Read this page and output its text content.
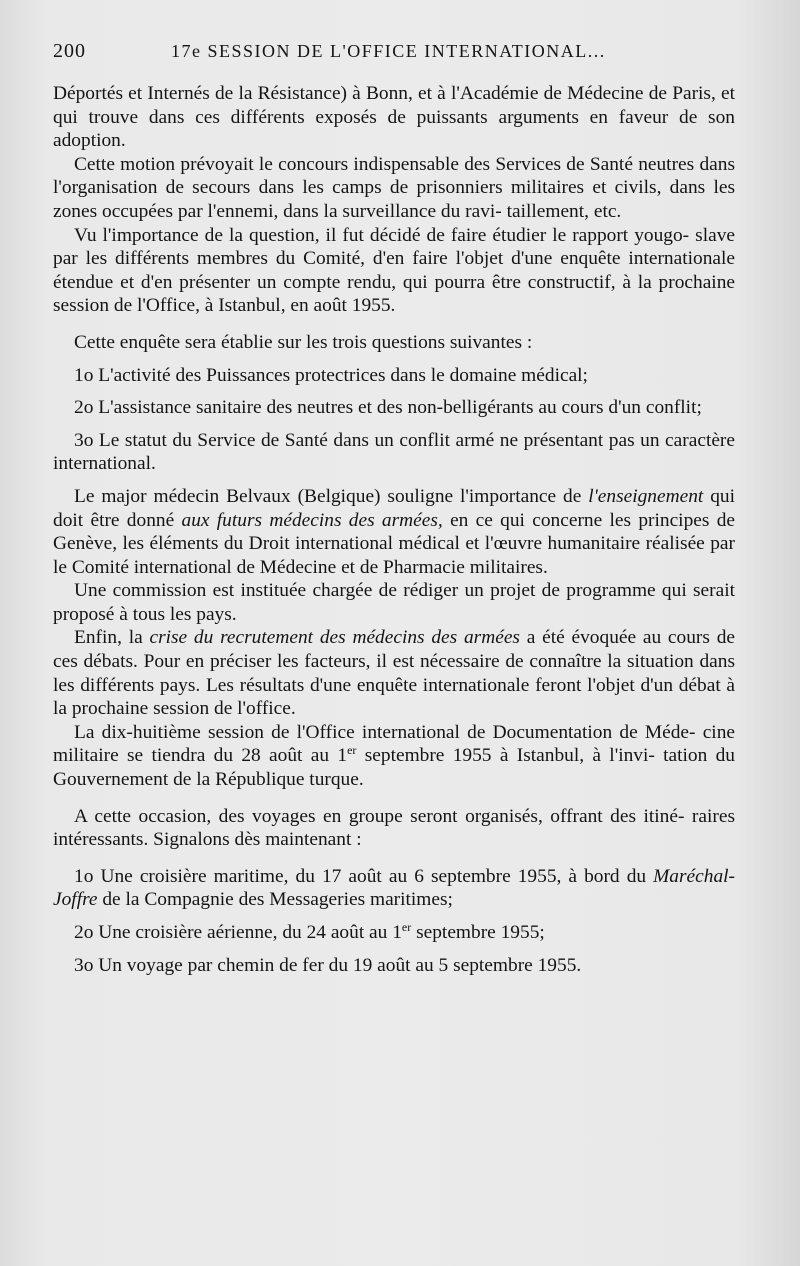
200	17e SESSION DE L'OFFICE INTERNATIONAL...

Déportés et Internés de la Résistance) à Bonn, et à l'Académie de Médecine de Paris, et qui trouve dans ces différents exposés de puissants arguments en faveur de son adoption.

Cette motion prévoyait le concours indispensable des Services de Santé neutres dans l'organisation de secours dans les camps de prisonniers militaires et civils, dans les zones occupées par l'ennemi, dans la surveillance du ravi- taillement, etc.

Vu l'importance de la question, il fut décidé de faire étudier le rapport yougo- slave par les différents membres du Comité, d'en faire l'objet d'une enquête internationale étendue et d'en présenter un compte rendu, qui pourra être constructif, à la prochaine session de l'Office, à Istanbul, en août 1955.

Cette enquête sera établie sur les trois questions suivantes :

1o L'activité des Puissances protectrices dans le domaine médical;

2o L'assistance sanitaire des neutres et des non-belligérants au cours d'un conflit;

3o Le statut du Service de Santé dans un conflit armé ne présentant pas un caractère international.

Le major médecin Belvaux (Belgique) souligne l'importance de l'enseignement qui doit être donné aux futurs médecins des armées, en ce qui concerne les principes de Genève, les éléments du Droit international médical et l'œuvre humanitaire réalisée par le Comité international de Médecine et de Pharmacie militaires.

Une commission est instituée chargée de rédiger un projet de programme qui serait proposé à tous les pays.

Enfin, la crise du recrutement des médecins des armées a été évoquée au cours de ces débats. Pour en préciser les facteurs, il est nécessaire de connaître la situation dans les différents pays. Les résultats d'une enquête internationale feront l'objet d'un débat à la prochaine session de l'office.

La dix-huitième session de l'Office international de Documentation de Méde- cine militaire se tiendra du 28 août au 1er septembre 1955 à Istanbul, à l'invi- tation du Gouvernement de la République turque.

A cette occasion, des voyages en groupe seront organisés, offrant des itiné- raires intéressants. Signalons dès maintenant :

1o Une croisière maritime, du 17 août au 6 septembre 1955, à bord du Maréchal-Joffre de la Compagnie des Messageries maritimes;

2o Une croisière aérienne, du 24 août au 1er septembre 1955;

3o Un voyage par chemin de fer du 19 août au 5 septembre 1955.
